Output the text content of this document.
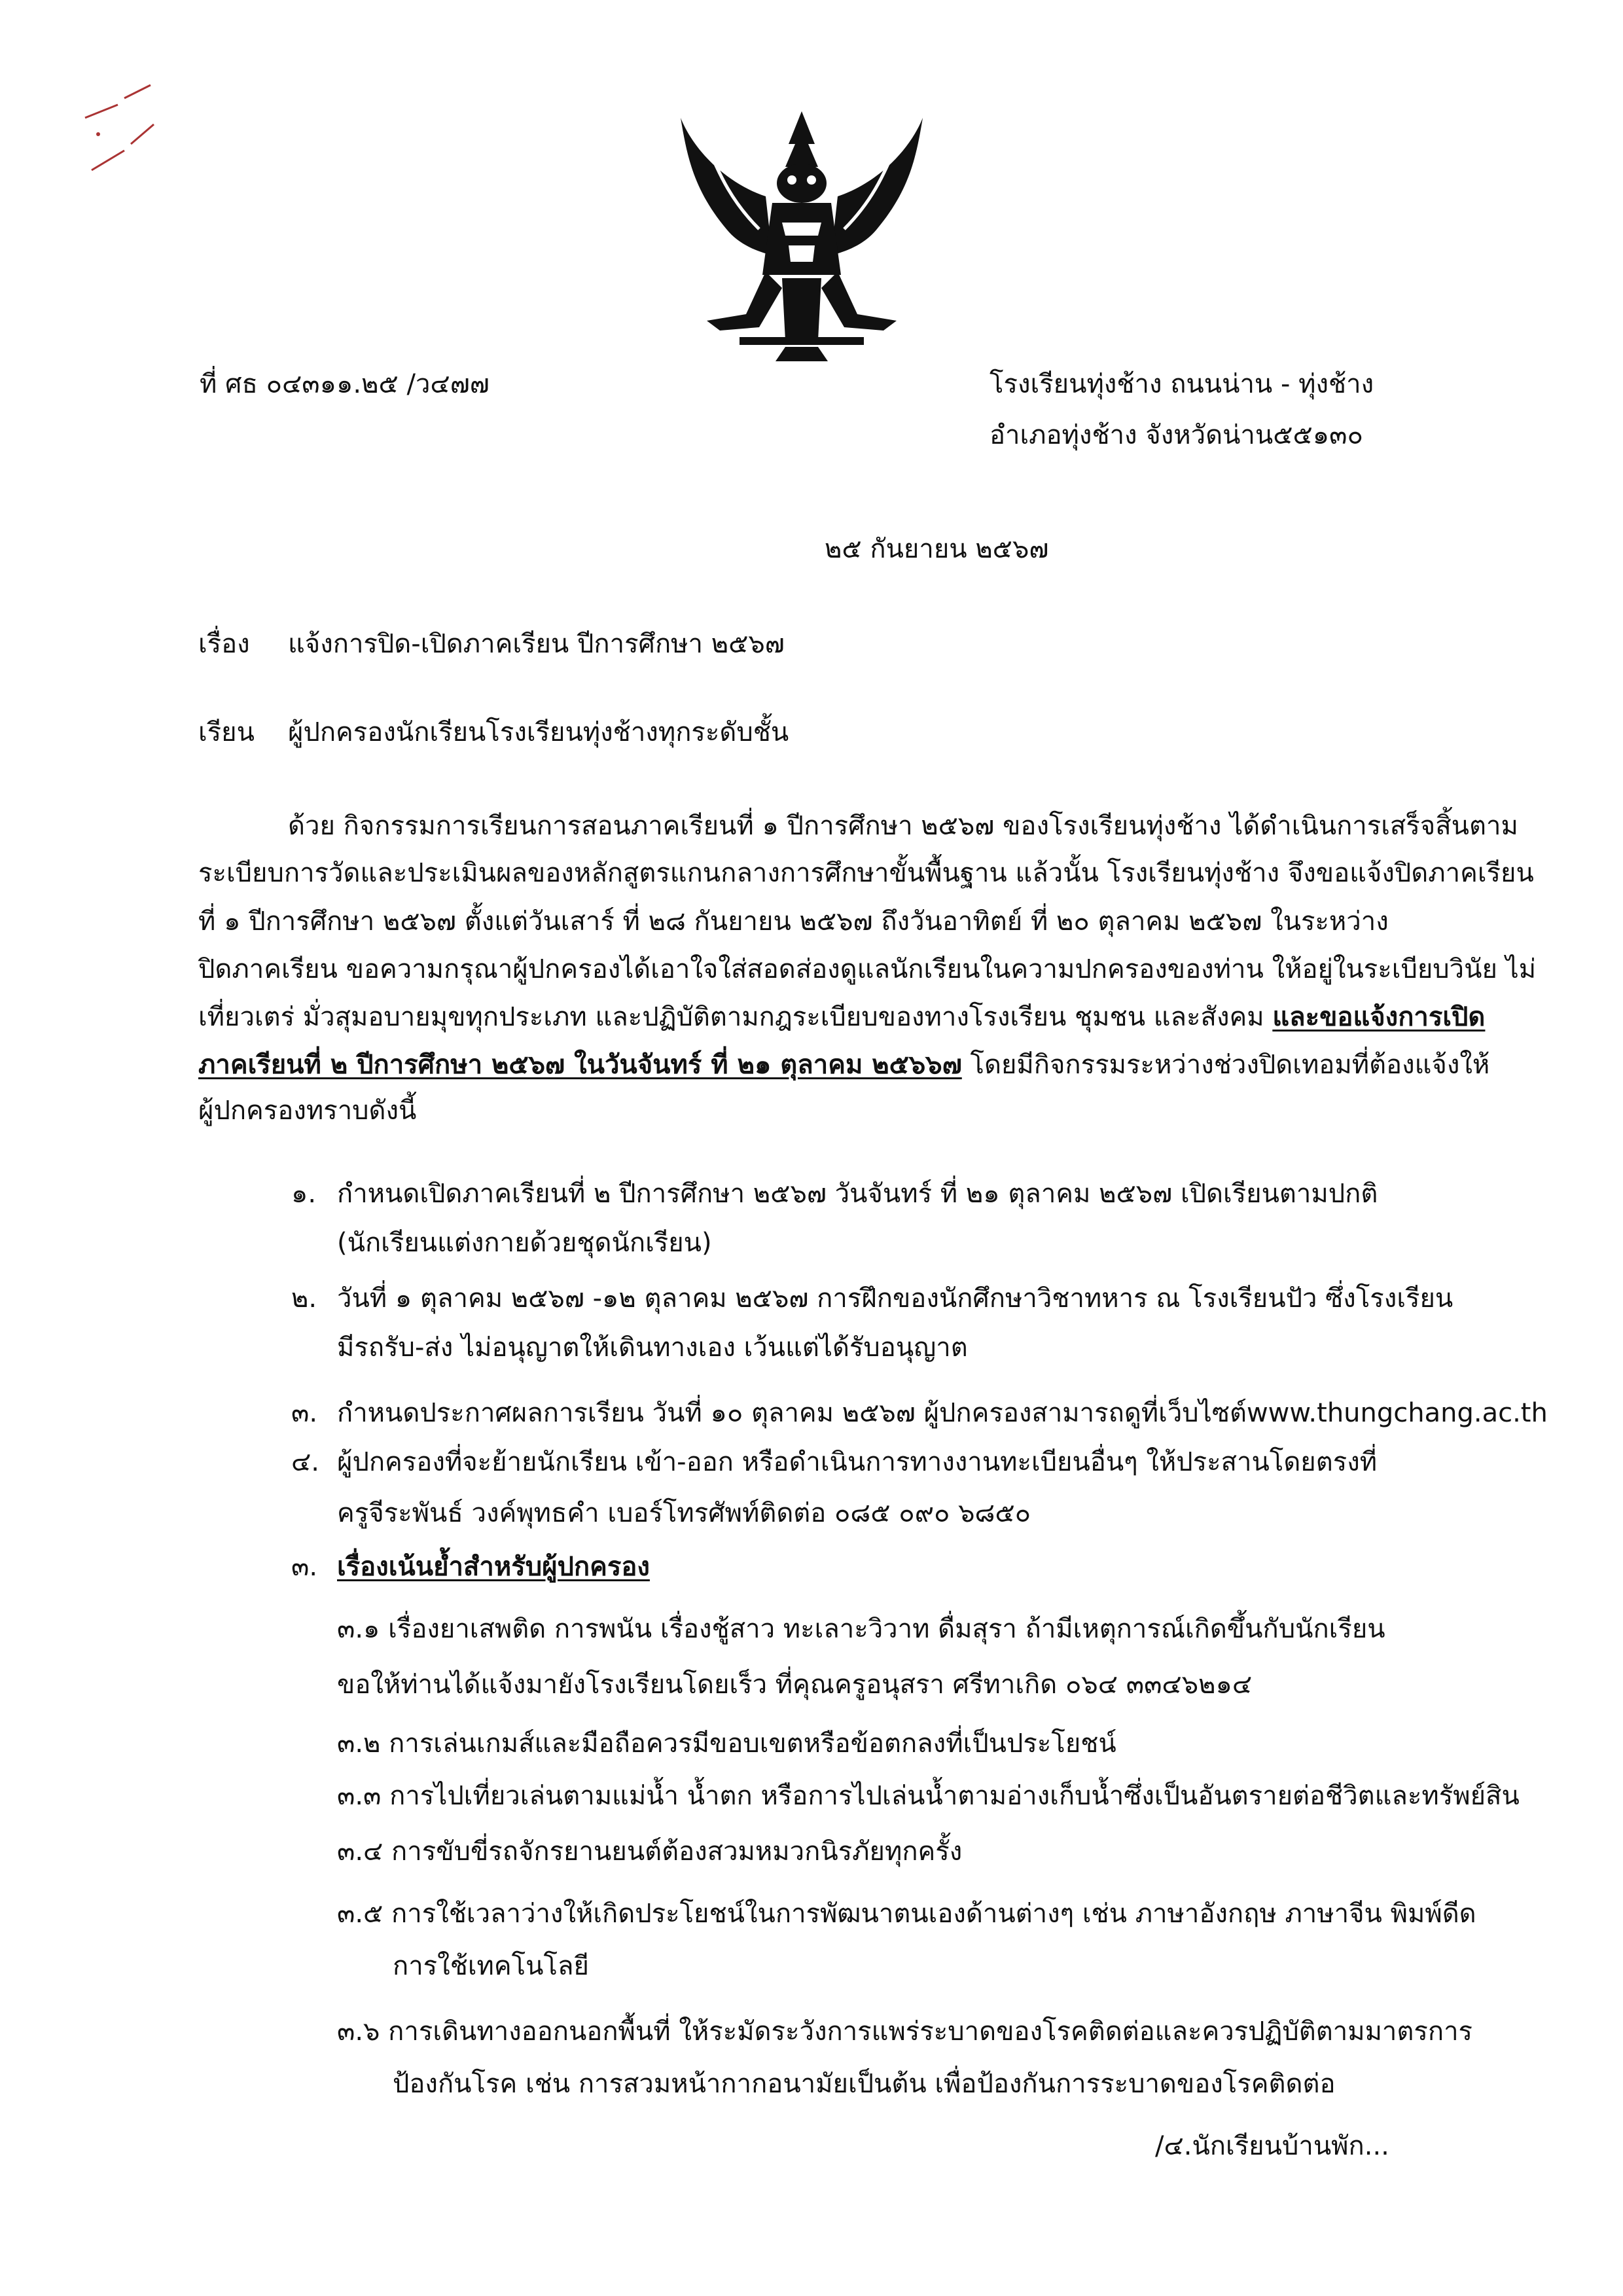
ที่ ศธ ๐๔๓๑๑.๒๕ /ว๔๗๗	โรงเรียนทุ่งช้าง ถนนน่าน - ทุ่งช้าง
อำเภอทุ่งช้าง จังหวัดน่าน๕๕๑๓๐
๒๕ กันยายน ๒๕๖๗
เรื่อง แจ้งการปิด-เปิดภาคเรียน ปีการศึกษา ๒๕๖๗
เรียน ผู้ปกครองนักเรียนโรงเรียนทุ่งช้างทุกระดับชั้น
ด้วย กิจกรรมการเรียนการสอนภาคเรียนที่ ๑ ปีการศึกษา ๒๕๖๗ ของโรงเรียนทุ่งช้าง ได้ดำเนินการเสร็จสิ้นตาม
ระเบียบการวัดและประเมินผลของหลักสูตรแกนกลางการศึกษาขั้นพื้นฐาน แล้วนั้น โรงเรียนทุ่งช้าง จึงขอแจ้งปิดภาคเรียน
ที่ ๑ ปีการศึกษา ๒๕๖๗ ตั้งแต่วันเสาร์ ที่ ๒๘ กันยายน ๒๕๖๗ ถึงวันอาทิตย์ ที่ ๒๐ ตุลาคม ๒๕๖๗ ในระหว่าง
ปิดภาคเรียน ขอความกรุณาผู้ปกครองได้เอาใจใส่สอดส่องดูแลนักเรียนในความปกครองของท่าน ให้อยู่ในระเบียบวินัย ไม่
เที่ยวเตร่ มั่วสุมอบายมุขทุกประเภท และปฏิบัติตามกฎระเบียบของทางโรงเรียน ชุมชน และสังคม และขอแจ้งการเปิด
ภาคเรียนที่ ๒ ปีการศึกษา ๒๕๖๗ ในวันจันทร์ ที่ ๒๑ ตุลาคม ๒๕๖๖๗ โดยมีกิจกรรมระหว่างช่วงปิดเทอมที่ต้องแจ้งให้
ผู้ปกครองทราบดังนี้
๑. กำหนดเปิดภาคเรียนที่ ๒ ปีการศึกษา ๒๕๖๗ วันจันทร์ ที่ ๒๑ ตุลาคม ๒๕๖๗ เปิดเรียนตามปกติ
(นักเรียนแต่งกายด้วยชุดนักเรียน)
๒. วันที่ ๑ ตุลาคม ๒๕๖๗ -๑๒ ตุลาคม ๒๕๖๗ การฝึกของนักศึกษาวิชาทหาร ณ โรงเรียนปัว ซึ่งโรงเรียน
มีรถรับ-ส่ง ไม่อนุญาตให้เดินทางเอง เว้นแต่ได้รับอนุญาต
๓. กำหนดประกาศผลการเรียน วันที่ ๑๐ ตุลาคม ๒๕๖๗ ผู้ปกครองสามารถดูที่เว็บไซต์www.thungchang.ac.th
๔. ผู้ปกครองที่จะย้ายนักเรียน เข้า-ออก หรือดำเนินการทางงานทะเบียนอื่นๆ ให้ประสานโดยตรงที่
ครูจีระพันธ์ วงค์พุทธคำ เบอร์โทรศัพท์ติดต่อ ๐๘๕ ๐๙๐ ๖๘๕๐
๓. เรื่องเน้นย้ำสำหรับผู้ปกครอง
๓.๑ เรื่องยาเสพติด การพนัน เรื่องชู้สาว ทะเลาะวิวาท ดื่มสุรา ถ้ามีเหตุการณ์เกิดขึ้นกับนักเรียน
ขอให้ท่านได้แจ้งมายังโรงเรียนโดยเร็ว ที่คุณครูอนุสรา ศรีทาเกิด ๐๖๔ ๓๓๔๖๒๑๔
๓.๒ การเล่นเกมส์และมือถือควรมีขอบเขตหรือข้อตกลงที่เป็นประโยชน์
๓.๓ การไปเที่ยวเล่นตามแม่น้ำ น้ำตก หรือการไปเล่นน้ำตามอ่างเก็บน้ำซึ่งเป็นอันตรายต่อชีวิตและทรัพย์สิน
๓.๔ การขับขี่รถจักรยานยนต์ต้องสวมหมวกนิรภัยทุกครั้ง
๓.๕ การใช้เวลาว่างให้เกิดประโยชน์ในการพัฒนาตนเองด้านต่างๆ เช่น ภาษาอังกฤษ ภาษาจีน พิมพ์ดีด
การใช้เทคโนโลยี
๓.๖ การเดินทางออกนอกพื้นที่ ให้ระมัดระวังการแพร่ระบาดของโรคติดต่อและควรปฏิบัติตามมาตรการ
ป้องกันโรค เช่น การสวมหน้ากากอนามัยเป็นต้น เพื่อป้องกันการระบาดของโรคติดต่อ
/๔.นักเรียนบ้านพัก...
